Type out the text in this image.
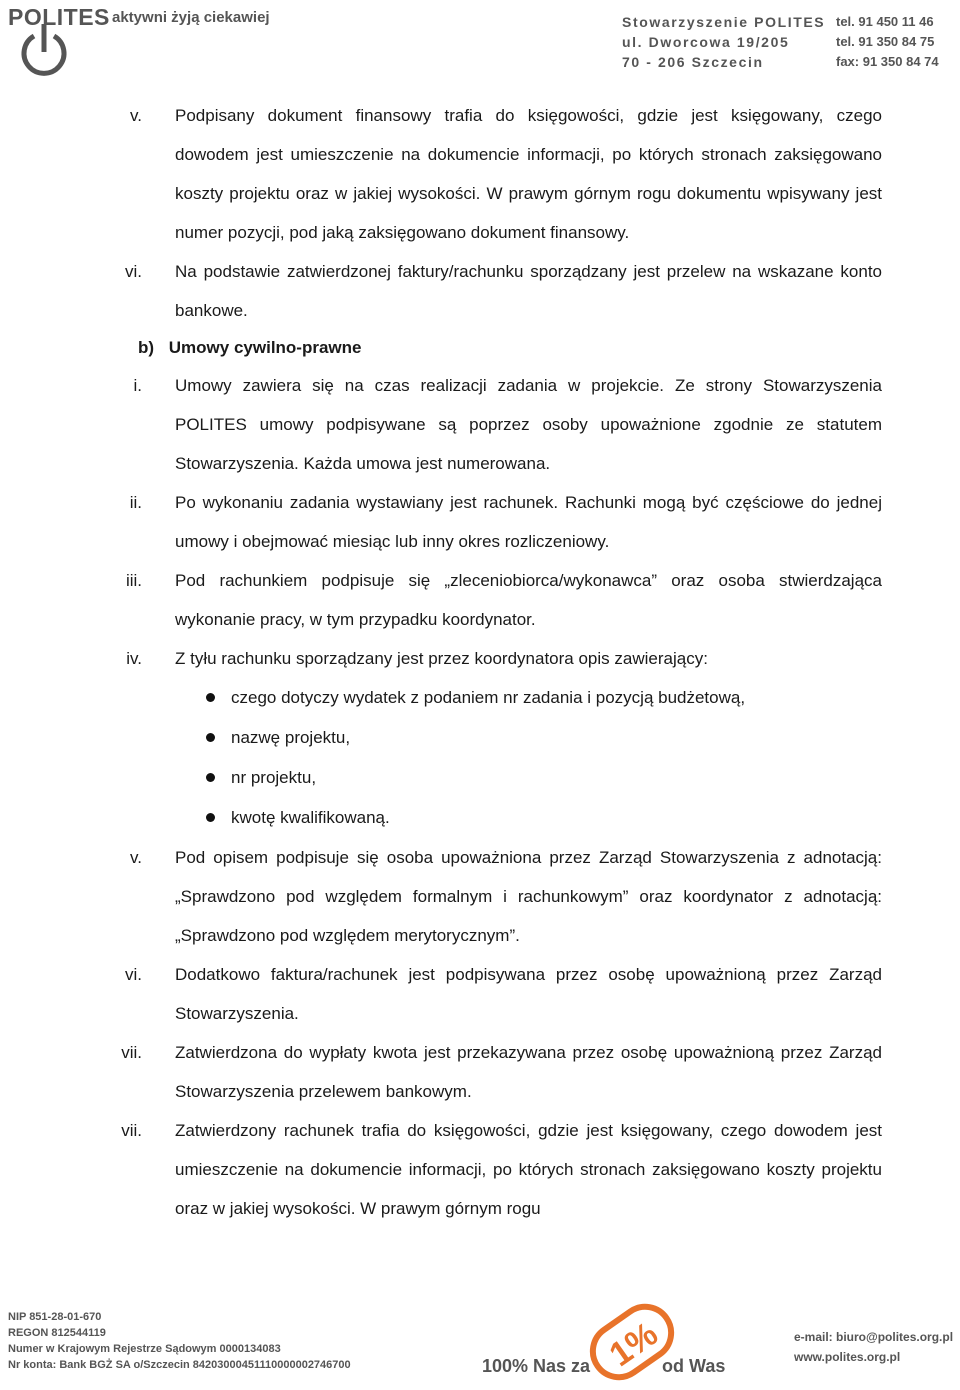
POLITES aktywni żyją ciekawiej	Stowarzyszenie POLITES
ul. Dworcowa 19/205
70 - 206 Szczecin
tel. 91 450 11 46
tel. 91 350 84 75
fax: 91 350 84 74
v. Podpisany dokument finansowy trafia do księgowości, gdzie jest księgowany, czego dowodem jest umieszczenie na dokumencie informacji, po których stronach zaksięgowano koszty projektu oraz w jakiej wysokości. W prawym górnym rogu dokumentu wpisywany jest numer pozycji, pod jaką zaksięgowano dokument finansowy.
vi. Na podstawie zatwierdzonej faktury/rachunku sporządzany jest przelew na wskazane konto bankowe.
b) Umowy cywilno-prawne
i. Umowy zawiera się na czas realizacji zadania w projekcie. Ze strony Stowarzyszenia POLITES umowy podpisywane są poprzez osoby upoważnione zgodnie ze statutem Stowarzyszenia. Każda umowa jest numerowana.
ii. Po wykonaniu zadania wystawiany jest rachunek. Rachunki mogą być częściowe do jednej umowy i obejmować miesiąc lub inny okres rozliczeniowy.
iii. Pod rachunkiem podpisuje się „zleceniobiorca/wykonawca” oraz osoba stwierdzająca wykonanie pracy, w tym przypadku koordynator.
iv. Z tyłu rachunku sporządzany jest przez koordynatora opis zawierający:
czego dotyczy wydatek z podaniem nr zadania i pozycją budżetową,
nazwę projektu,
nr projektu,
kwotę kwalifikowaną.
v. Pod opisem podpisuje się osoba upoważniona przez Zarząd Stowarzyszenia z adnotacją: „Sprawdzono pod względem formalnym i rachunkowym” oraz koordynator z adnotacją: „Sprawdzono pod względem merytorycznym”.
vi. Dodatkowo faktura/rachunek jest podpisywana przez osobę upoważnioną przez Zarząd Stowarzyszenia.
vii. Zatwierdzona do wypłaty kwota jest przekazywana przez osobę upoważnioną przez Zarząd Stowarzyszenia przelewem bankowym.
vii. Zatwierdzony rachunek trafia do księgowości, gdzie jest księgowany, czego dowodem jest umieszczenie na dokumencie informacji, po których stronach zaksięgowano koszty projektu oraz w jakiej wysokości. W prawym górnym rogu
NIP 851-28-01-670
REGON 812544119
Numer w Krajowym Rejestrze Sądowym 0000134083
Nr konta: Bank BGŻ SA o/Szczecin 84203000451110000002746700	1%
100% Nas za	od Was
e-mail: biuro@polites.org.pl
www.polites.org.pl
